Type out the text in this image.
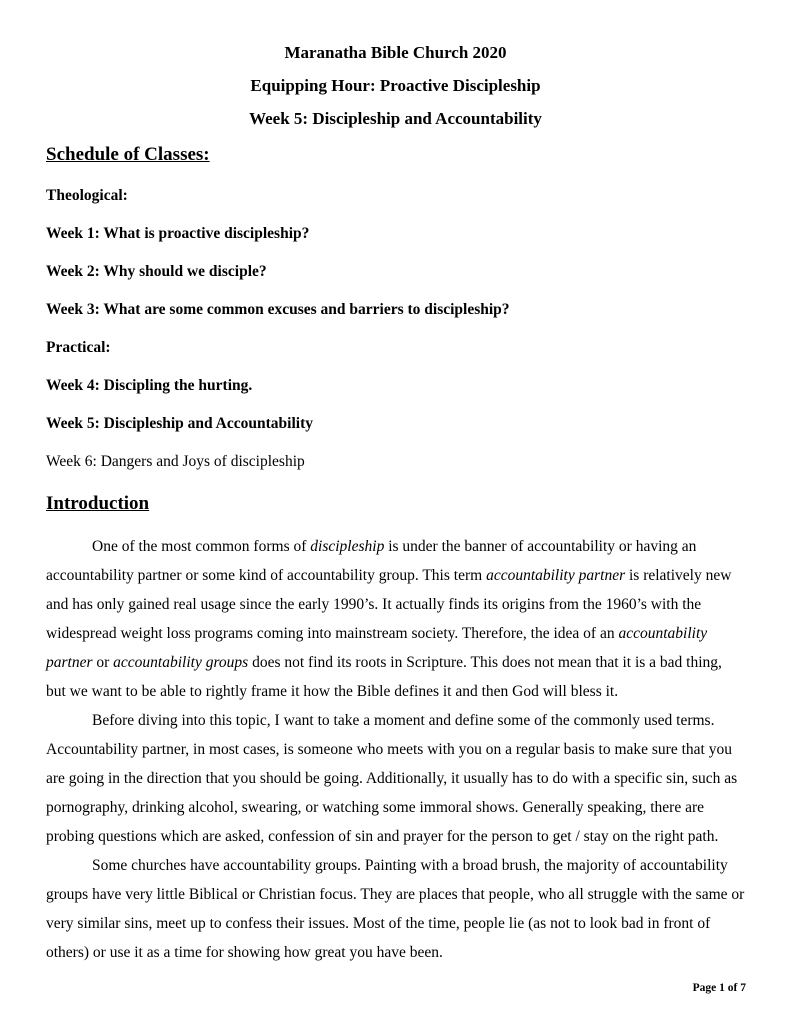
Maranatha Bible Church 2020

Equipping Hour: Proactive Discipleship

Week 5: Discipleship and Accountability

Schedule of Classes:

Theological:

Week 1: What is proactive discipleship?

Week 2: Why should we disciple?

Week 3: What are some common excuses and barriers to discipleship?

Practical:

Week 4: Discipling the hurting.

Week 5: Discipleship and Accountability

Week 6: Dangers and Joys of discipleship

Introduction

One of the most common forms of discipleship is under the banner of accountability or having an accountability partner or some kind of accountability group. This term accountability partner is relatively new and has only gained real usage since the early 1990’s. It actually finds its origins from the 1960’s with the widespread weight loss programs coming into mainstream society. Therefore, the idea of an accountability partner or accountability groups does not find its roots in Scripture. This does not mean that it is a bad thing, but we want to be able to rightly frame it how the Bible defines it and then God will bless it.

Before diving into this topic, I want to take a moment and define some of the commonly used terms. Accountability partner, in most cases, is someone who meets with you on a regular basis to make sure that you are going in the direction that you should be going. Additionally, it usually has to do with a specific sin, such as pornography, drinking alcohol, swearing, or watching some immoral shows. Generally speaking, there are probing questions which are asked, confession of sin and prayer for the person to get / stay on the right path.

Some churches have accountability groups. Painting with a broad brush, the majority of accountability groups have very little Biblical or Christian focus. They are places that people, who all struggle with the same or very similar sins, meet up to confess their issues. Most of the time, people lie (as not to look bad in front of others) or use it as a time for showing how great you have been.

Page 1 of 7
